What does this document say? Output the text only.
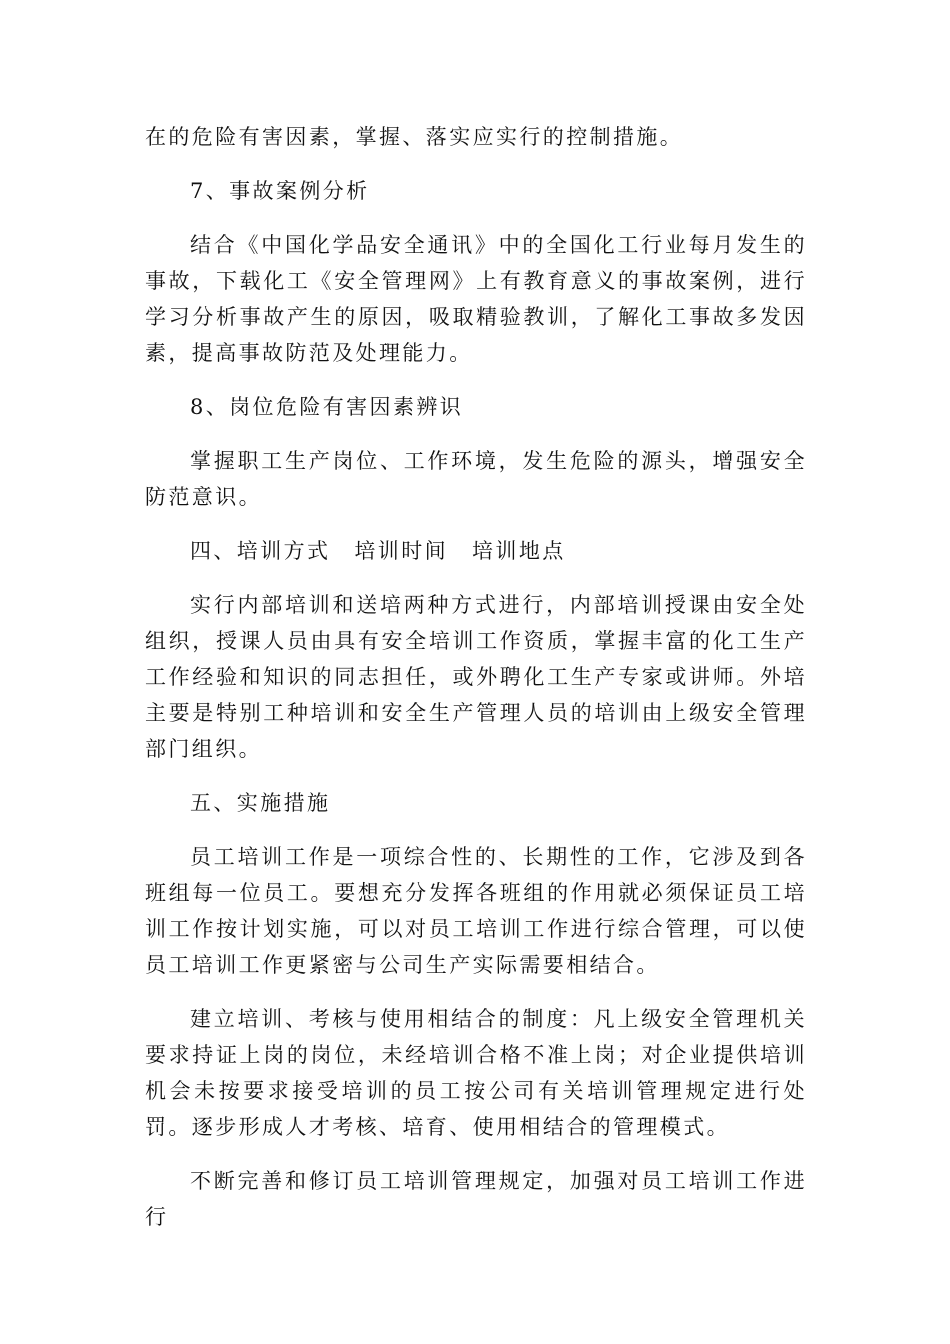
在的危险有害因素，掌握、落实应实行的控制措施。

7、事故案例分析

结合《中国化学品安全通讯》中的全国化工行业每月发生的事故，下载化工《安全管理网》上有教育意义的事故案例，进行学习分析事故产生的原因，吸取精验教训，了解化工事故多发因素，提高事故防范及处理能力。

8、岗位危险有害因素辨识

掌握职工生产岗位、工作环境，发生危险的源头，增强安全防范意识。

四、培训方式 培训时间 培训地点

实行内部培训和送培两种方式进行，内部培训授课由安全处组织，授课人员由具有安全培训工作资质，掌握丰富的化工生产工作经验和知识的同志担任，或外聘化工生产专家或讲师。外培主要是特别工种培训和安全生产管理人员的培训由上级安全管理部门组织。

五、实施措施

员工培训工作是一项综合性的、长期性的工作，它涉及到各班组每一位员工。要想充分发挥各班组的作用就必须保证员工培训工作按计划实施，可以对员工培训工作进行综合管理，可以使员工培训工作更紧密与公司生产实际需要相结合。

建立培训、考核与使用相结合的制度：凡上级安全管理机关要求持证上岗的岗位，未经培训合格不准上岗；对企业提供培训机会未按要求接受培训的员工按公司有关培训管理规定进行处罚。逐步形成人才考核、培育、使用相结合的管理模式。

不断完善和修订员工培训管理规定，加强对员工培训工作进行
